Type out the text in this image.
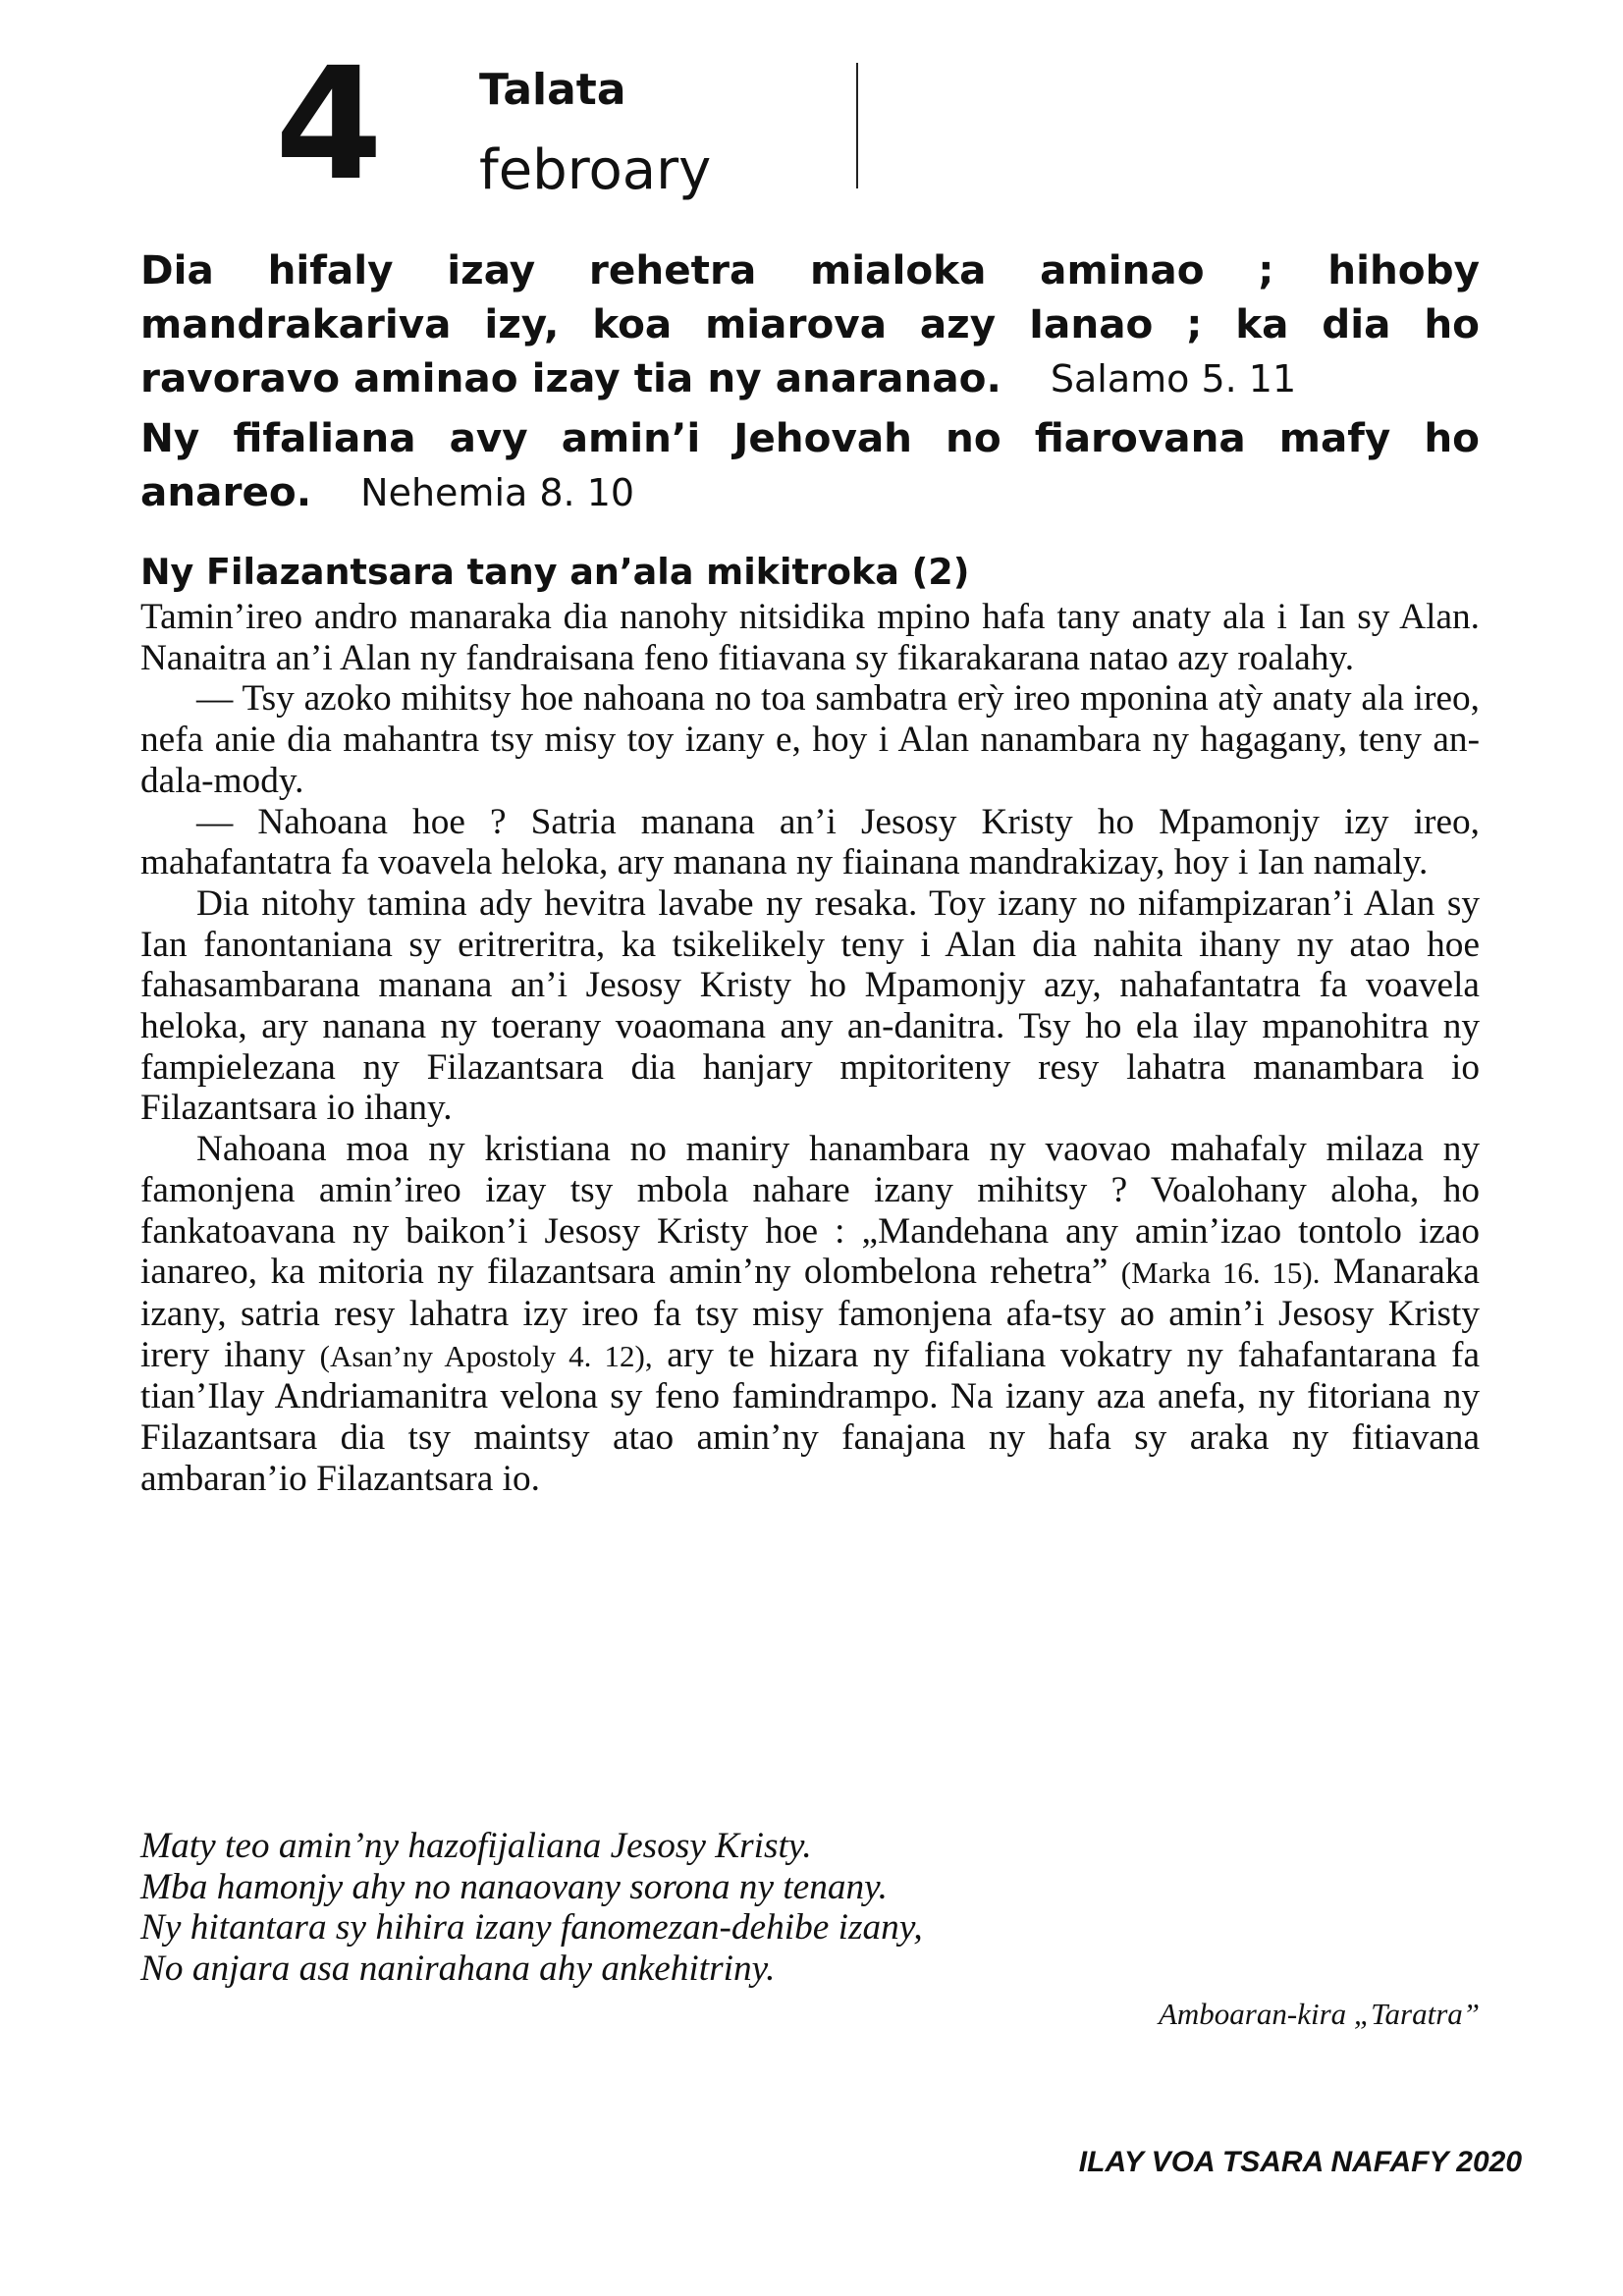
4 Talata
febroary

Dia hifaly izay rehetra mialoka aminao ; hihoby mandrakariva izy, koa miarova azy Ianao ; ka dia ho ravoravo aminao izay tia ny anaranao. Salamo 5. 11

Ny fifaliana avy amin’i Jehovah no fiarovana mafy ho anareo. Nehemia 8. 10

Ny Filazantsara tany an’ala mikitroka (2)

Tamin’ireo andro manaraka dia nanohy nitsidika mpino hafa tany anaty ala i Ian sy Alan. Nanaitra an’i Alan ny fandraisana feno fitiavana sy fikarakarana natao azy roalahy.

— Tsy azoko mihitsy hoe nahoana no toa sambatra erỳ ireo mponina atỳ anaty ala ireo, nefa anie dia mahantra tsy misy toy izany e, hoy i Alan nanambara ny hagagany, teny an-dala-mody.

— Nahoana hoe ? Satria manana an’i Jesosy Kristy ho Mpamonjy izy ireo, mahafantatra fa voavela heloka, ary manana ny fiainana mandrakizay, hoy i Ian namaly.

Dia nitohy tamina ady hevitra lavabe ny resaka. Toy izany no nifampizaran’i Alan sy Ian fanontaniana sy eritreritra, ka tsikelikely teny i Alan dia nahita ihany ny atao hoe fahasambarana manana an’i Jesosy Kristy ho Mpamonjy azy, nahafantatra fa voavela heloka, ary nanana ny toerany voaomana any an-danitra. Tsy ho ela ilay mpanohitra ny fampielezana ny Filazantsara dia hanjary mpitoriteny resy lahatra manambara io Filazantsara io ihany.

Nahoana moa ny kristiana no maniry hanambara ny vaovao mahafaly milaza ny famonjena amin’ireo izay tsy mbola nahare izany mihitsy ? Voalohany aloha, ho fankatoavana ny baikon’i Jesosy Kristy hoe : „Mandehana any amin’izao tontolo izao ianareo, ka mitoria ny filazantsara amin’ny olombelona rehetra” (Marka 16. 15). Manaraka izany, satria resy lahatra izy ireo fa tsy misy famonjena afa-tsy ao amin’i Jesosy Kristy irery ihany (Asan’ny Apostoly 4. 12), ary te hizara ny fifaliana vokatry ny fahafantarana fa tian’Ilay Andriamanitra velona sy feno famindrampo. Na izany aza anefa, ny fitoriana ny Filazantsara dia tsy maintsy atao amin’ny fanajana ny hafa sy araka ny fitiavana ambaran’io Filazantsara io.

Maty teo amin’ny hazofijaliana Jesosy Kristy.
Mba hamonjy ahy no nanaovany sorona ny tenany.
Ny hitantara sy hihira izany fanomezan-dehibe izany,
No anjara asa nanirahana ahy ankehitriny.
Amboaran-kira „Taratra”
ILAY VOA TSARA NAFAFY 2020
